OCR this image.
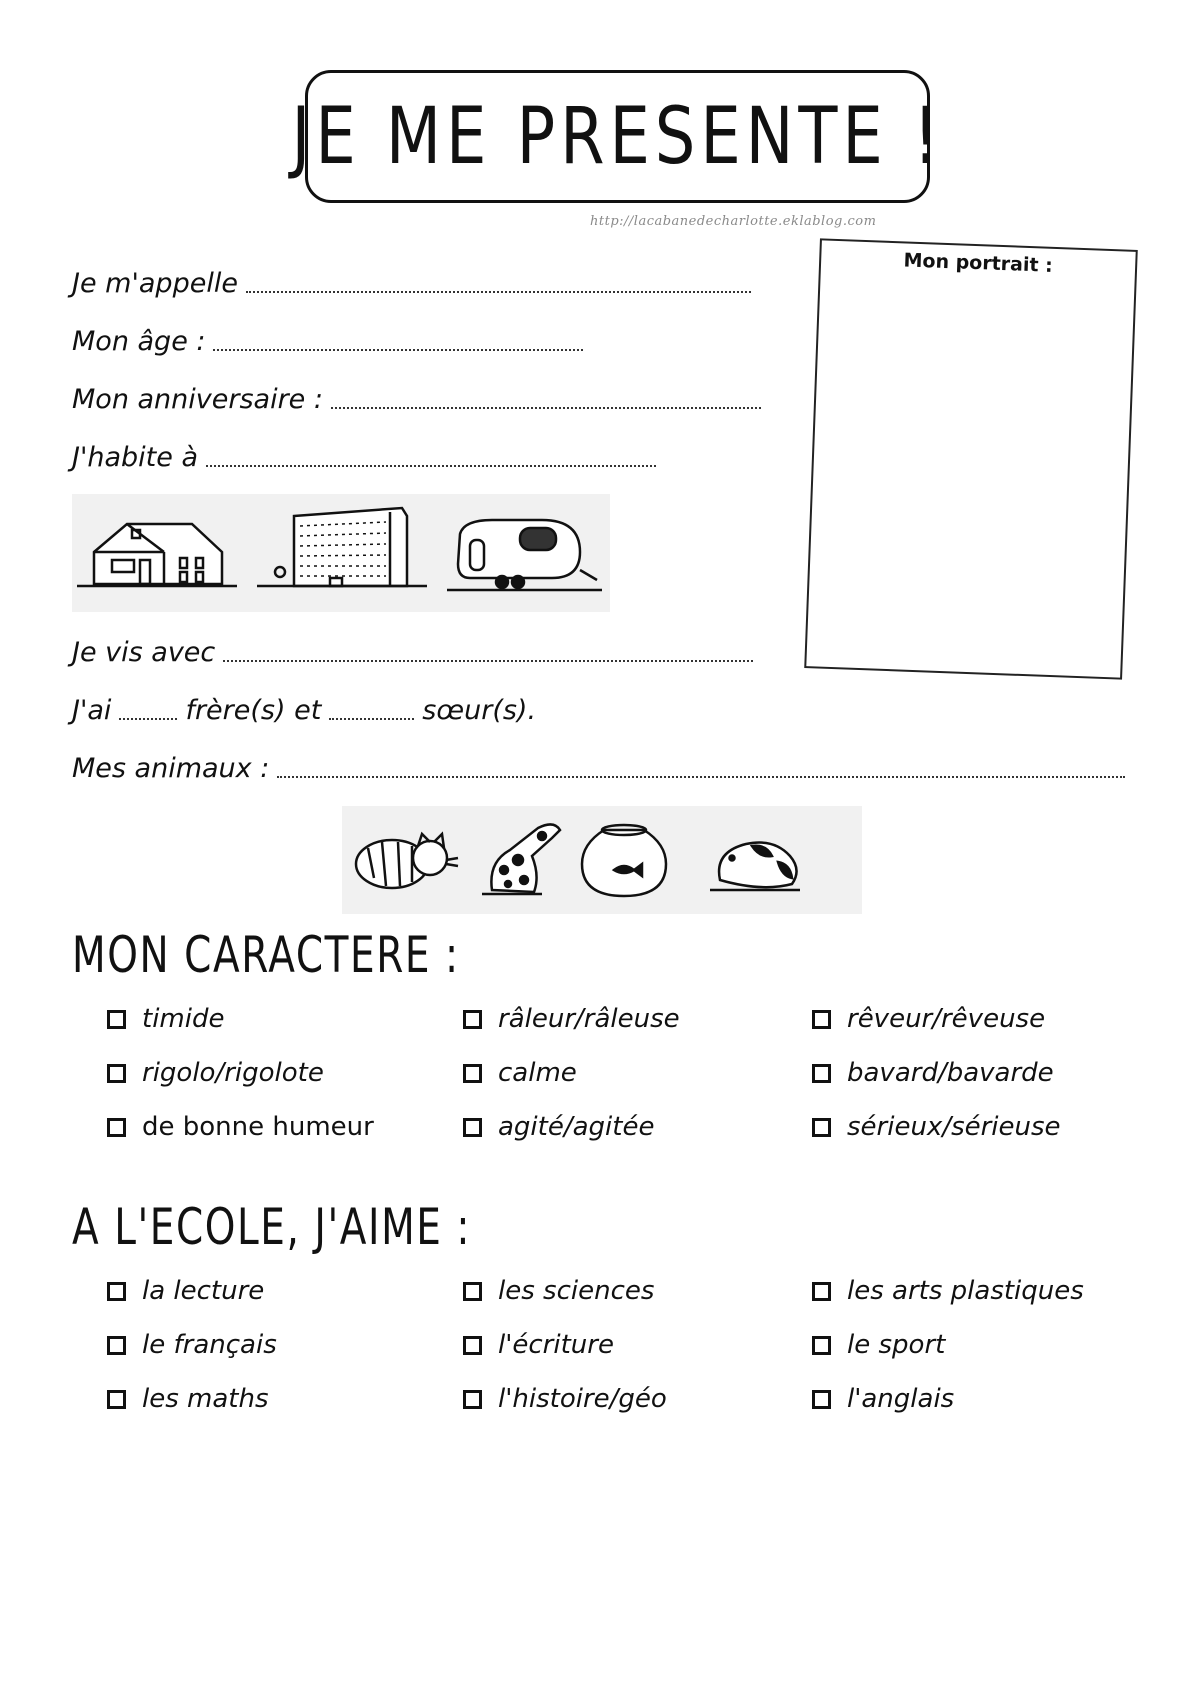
JE ME PRESENTE !
http://lacabanedecharlotte.eklablog.com
Je m'appelle
Mon âge :
Mon anniversaire :
J'habite à
Je vis avec
J'ai	frère(s) et	sœur(s).
Mes animaux :
Mon portrait :
MON CARACTERE :
timide	râleur/râleuse	rêveur/rêveuse
rigolo/rigolote	calme	bavard/bavarde
de bonne humeur	agité/agitée	sérieux/sérieuse
A L'ECOLE, J'AIME :
la lecture	les sciences	les arts plastiques
le français	l'écriture	le sport
les maths	l'histoire/géo	l'anglais
